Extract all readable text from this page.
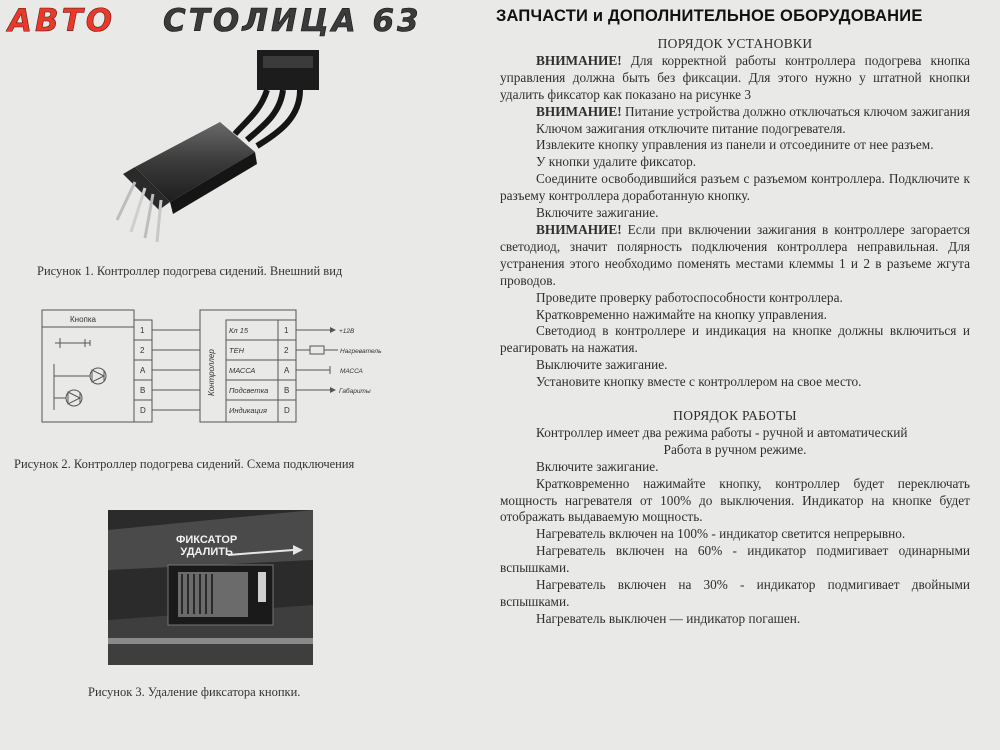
АВТО СТОЛИЦА 63	ЗАПЧАСТИ и ДОПОЛНИТЕЛЬНОЕ ОБОРУДОВАНИЕ
Рисунок 1. Контроллер подогрева сидений. Внешний вид
Кнопка
1
2
A
B
D
Контроллер
Кл 15
ТЕН
МАССА
Подсветка
Индикация
1
2
A
B
D
+12В
Нагреватель
МАССА
Габариты
Рисунок 2. Контроллер подогрева сидений. Схема подключения
ФИКСАТОР
УДАЛИТЬ
Рисунок 3. Удаление фиксатора кнопки.

ПОРЯДОК УСТАНОВКИ

ВНИМАНИЕ! Для корректной работы контроллера подогрева кнопка управления должна быть без фиксации. Для этого нужно у штатной кнопки удалить фиксатор как показано на рисунке 3

ВНИМАНИЕ! Питание устройства должно отключаться ключом зажигания

Ключом зажигания отключите питание подогревателя.

Извлеките кнопку управления из панели и отсоедините от нее разъем.

У кнопки удалите фиксатор.

Соедините освободившийся разъем с разъемом контроллера. Подключите к разъему контроллера доработанную кнопку.

Включите зажигание.

ВНИМАНИЕ! Если при включении зажигания в контроллере загорается светодиод, значит полярность подключения контроллера неправильная. Для устранения этого необходимо поменять местами клеммы 1 и 2 в разъеме жгута проводов.

Проведите проверку работоспособности контроллера.

Кратковременно нажимайте на кнопку управления.

Светодиод в контроллере и индикация на кнопке должны включиться и реагировать на нажатия.

Выключите зажигание.

Установите кнопку вместе с контроллером на свое место.

ПОРЯДОК РАБОТЫ

Контроллер имеет два режима работы - ручной и автоматический

Работа в ручном режиме.

Включите зажигание.

Кратковременно нажимайте кнопку, контроллер будет переключать мощность нагревателя от 100% до выключения. Индикатор на кнопке будет отображать выдаваемую мощность.

Нагреватель включен на 100% - индикатор светится непрерывно.

Нагреватель включен на 60% - индикатор подмигивает одинарными вспышками.

Нагреватель включен на 30% - индикатор подмигивает двойными вспышками.

Нагреватель выключен — индикатор погашен.
